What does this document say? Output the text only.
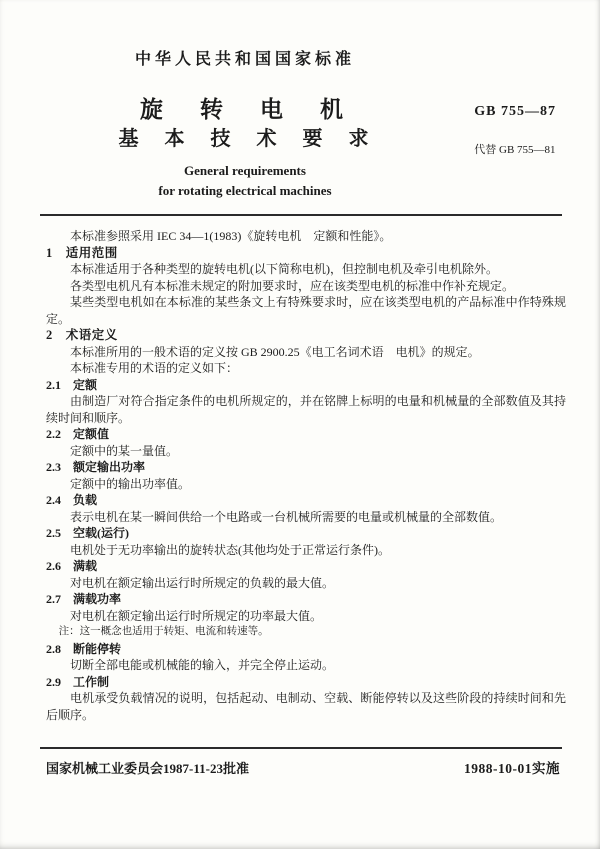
中华人民共和国国家标准
旋　转　电　机
基　本　技　术　要　求
General requirements
for rotating electrical machines
GB 755—87
代替 GB 755—81

本标准参照采用 IEC 34—1(1983)《旋转电机　定额和性能》。

1　适用范围

本标准适用于各种类型的旋转电机(以下简称电机)，但控制电机及牵引电机除外。

各类型电机凡有本标准未规定的附加要求时，应在该类型电机的标准中作补充规定。

某些类型电机如在本标准的某些条文上有特殊要求时，应在该类型电机的产品标准中作特殊规定。

2　术语定义

本标准所用的一般术语的定义按 GB 2900.25《电工名词术语　电机》的规定。

本标准专用的术语的定义如下：

2.1　定额

由制造厂对符合指定条件的电机所规定的，并在铭牌上标明的电量和机械量的全部数值及其持续时间和顺序。

2.2　定额值

定额中的某一量值。

2.3　额定输出功率

定额中的输出功率值。

2.4　负载

表示电机在某一瞬间供给一个电路或一台机械所需要的电量或机械量的全部数值。

2.5　空载(运行)

电机处于无功率输出的旋转状态(其他均处于正常运行条件)。

2.6　满载

对电机在额定输出运行时所规定的负载的最大值。

2.7　满载功率

对电机在额定输出运行时所规定的功率最大值。

注：这一概念也适用于转矩、电流和转速等。

2.8　断能停转

切断全部电能或机械能的输入，并完全停止运动。

2.9　工作制

电机承受负载情况的说明，包括起动、电制动、空载、断能停转以及这些阶段的持续时间和先后顺序。

国家机械工业委员会1987-11-23批准	1988-10-01实施
